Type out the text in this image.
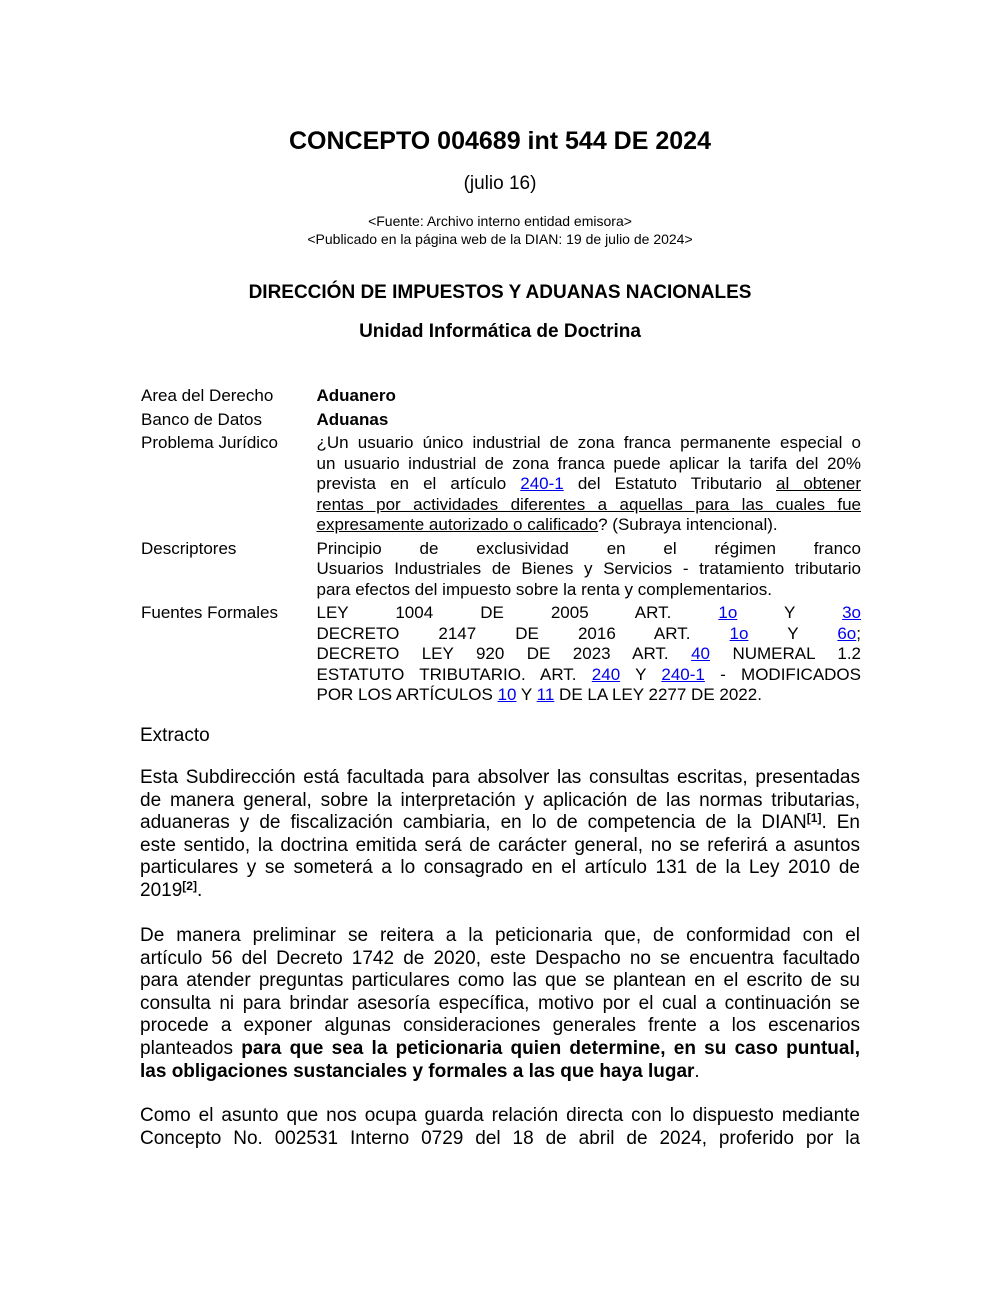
CONCEPTO 004689 int 544 DE 2024
(julio 16)
<Fuente: Archivo interno entidad emisora>
<Publicado en la página web de la DIAN: 19 de julio de 2024>
DIRECCIÓN DE IMPUESTOS Y ADUANAS NACIONALES
Unidad Informática de Doctrina
Area del Derecho	Aduanero
Banco de Datos	Aduanas
Problema Jurídico	¿Un usuario único industrial de zona franca permanente especial o
un usuario industrial de zona franca puede aplicar la tarifa del 20%
prevista en el artículo 240-1 del Estatuto Tributario al obtener
rentas por actividades diferentes a aquellas para las cuales fue
expresamente autorizado o calificado? (Subraya intencional).

Descriptores	Principio de exclusividad en el régimen franco
Usuarios Industriales de Bienes y Servicios - tratamiento tributario
para efectos del impuesto sobre la renta y complementarios.

Fuentes Formales	LEY 1004 DE 2005 ART. 1o Y 3o
DECRETO 2147 DE 2016 ART. 1o Y 6o;
DECRETO LEY 920 DE 2023 ART. 40 NUMERAL 1.2
ESTATUTO TRIBUTARIO. ART. 240 Y 240-1 - MODIFICADOS
POR LOS ARTÍCULOS 10 Y 11 DE LA LEY 2277 DE 2022.
Extracto
Esta Subdirección está facultada para absolver las consultas escritas, presentadas
de manera general, sobre la interpretación y aplicación de las normas tributarias,
aduaneras y de fiscalización cambiaria, en lo de competencia de la DIAN[1]. En
este sentido, la doctrina emitida será de carácter general, no se referirá a asuntos
particulares y se someterá a lo consagrado en el artículo 131 de la Ley 2010 de
2019[2].
De manera preliminar se reitera a la peticionaria que, de conformidad con el
artículo 56 del Decreto 1742 de 2020, este Despacho no se encuentra facultado
para atender preguntas particulares como las que se plantean en el escrito de su
consulta ni para brindar asesoría específica, motivo por el cual a continuación se
procede a exponer algunas consideraciones generales frente a los escenarios
planteados para que sea la peticionaria quien determine, en su caso puntual,
las obligaciones sustanciales y formales a las que haya lugar.
Como el asunto que nos ocupa guarda relación directa con lo dispuesto mediante
Concepto No. 002531 Interno 0729 del 18 de abril de 2024, proferido por la
